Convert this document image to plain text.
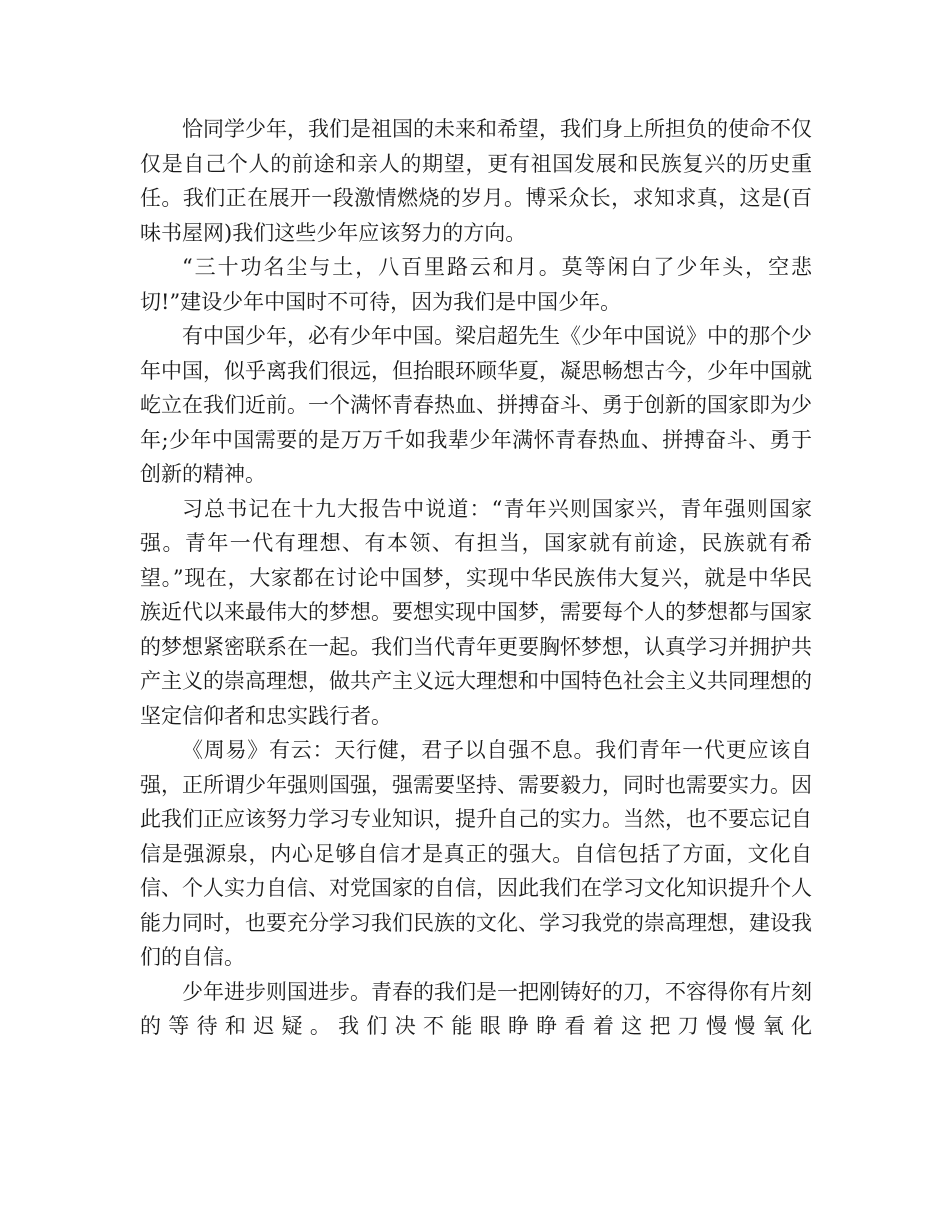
恰同学少年，我们是祖国的未来和希望，我们身上所担负的使命不仅仅是自己个人的前途和亲人的期望，更有祖国发展和民族复兴的历史重任。我们正在展开一段激情燃烧的岁月。博采众长，求知求真，这是(百味书屋网)我们这些少年应该努力的方向。

“三十功名尘与土，八百里路云和月。莫等闲白了少年头，空悲切!”建设少年中国时不可待，因为我们是中国少年。

有中国少年，必有少年中国。梁启超先生《少年中国说》中的那个少年中国，似乎离我们很远，但抬眼环顾华夏，凝思畅想古今，少年中国就屹立在我们近前。一个满怀青春热血、拼搏奋斗、勇于创新的国家即为少年;少年中国需要的是万万千如我辈少年满怀青春热血、拼搏奋斗、勇于创新的精神。

习总书记在十九大报告中说道：“青年兴则国家兴，青年强则国家强。青年一代有理想、有本领、有担当，国家就有前途，民族就有希望。”现在，大家都在讨论中国梦，实现中华民族伟大复兴，就是中华民族近代以来最伟大的梦想。要想实现中国梦，需要每个人的梦想都与国家的梦想紧密联系在一起。我们当代青年更要胸怀梦想，认真学习并拥护共产主义的崇高理想，做共产主义远大理想和中国特色社会主义共同理想的坚定信仰者和忠实践行者。

《周易》有云：天行健，君子以自强不息。我们青年一代更应该自强，正所谓少年强则国强，强需要坚持、需要毅力，同时也需要实力。因此我们正应该努力学习专业知识，提升自己的实力。当然，也不要忘记自信是强源泉，内心足够自信才是真正的强大。自信包括了方面，文化自信、个人实力自信、对党国家的自信，因此我们在学习文化知识提升个人能力同时，也要充分学习我们民族的文化、学习我党的崇高理想，建设我们的自信。

少年进步则国进步。青春的我们是一把刚铸好的刀，不容得你有片刻的等待和迟疑。我们决不能眼睁睁看着这把刀慢慢氧化
